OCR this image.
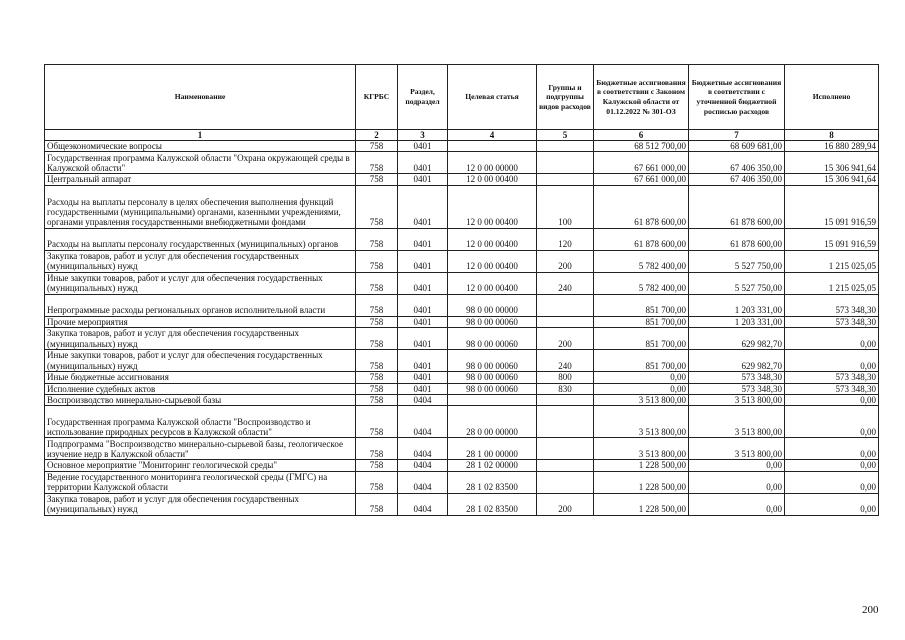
Наименование	КГРБС	Раздел, подраздел	Целевая статья	Группы и подгруппы видов расходов	Бюджетные ассигнования в соответствии с Законом Калужской области от 01.12.2022 № 301-ОЗ	Бюджетные ассигнования в соответствии с уточненной бюджетной росписью расходов	Исполнено
1	2	3	4	5	6	7	8
Общеэкономические вопросы	758	0401			68 512 700,00	68 609 681,00	16 880 289,94
Государственная программа Калужской области "Охрана окружающей среды в Калужской области"	758	0401	12 0 00 00000		67 661 000,00	67 406 350,00	15 306 941,64
Центральный аппарат	758	0401	12 0 00 00400		67 661 000,00	67 406 350,00	15 306 941,64
Расходы на выплаты персоналу в целях обеспечения выполнения функций государственными (муниципальными) органами, казенными учреждениями, органами управления государственными внебюджетными фондами	758	0401	12 0 00 00400	100	61 878 600,00	61 878 600,00	15 091 916,59
Расходы на выплаты персоналу государственных (муниципальных) органов	758	0401	12 0 00 00400	120	61 878 600,00	61 878 600,00	15 091 916,59
Закупка товаров, работ и услуг для обеспечения государственных (муниципальных) нужд	758	0401	12 0 00 00400	200	5 782 400,00	5 527 750,00	1 215 025,05
Иные закупки товаров, работ и услуг для обеспечения государственных (муниципальных) нужд	758	0401	12 0 00 00400	240	5 782 400,00	5 527 750,00	1 215 025,05
Непрограммные расходы региональных органов исполнительной власти	758	0401	98 0 00 00000		851 700,00	1 203 331,00	573 348,30
Прочие мероприятия	758	0401	98 0 00 00060		851 700,00	1 203 331,00	573 348,30
Закупка товаров, работ и услуг для обеспечения государственных (муниципальных) нужд	758	0401	98 0 00 00060	200	851 700,00	629 982,70	0,00
Иные закупки товаров, работ и услуг для обеспечения государственных (муниципальных) нужд	758	0401	98 0 00 00060	240	851 700,00	629 982,70	0,00
Иные бюджетные ассигнования	758	0401	98 0 00 00060	800	0,00	573 348,30	573 348,30
Исполнение судебных актов	758	0401	98 0 00 00060	830	0,00	573 348,30	573 348,30
Воспроизводство минерально-сырьевой базы	758	0404			3 513 800,00	3 513 800,00	0,00
Государственная программа Калужской области "Воспроизводство и использование природных ресурсов в Калужской области"	758	0404	28 0 00 00000		3 513 800,00	3 513 800,00	0,00
Подпрограмма "Воспроизводство минерально-сырьевой базы, геологическое изучение недр в Калужской области"	758	0404	28 1 00 00000		3 513 800,00	3 513 800,00	0,00
Основное мероприятие "Мониторинг геологической среды"	758	0404	28 1 02 00000		1 228 500,00	0,00	0,00
Ведение государственного мониторинга геологической среды (ГМГС) на территории Калужской области	758	0404	28 1 02 83500		1 228 500,00	0,00	0,00
Закупка товаров, работ и услуг для обеспечения государственных (муниципальных) нужд	758	0404	28 1 02 83500	200	1 228 500,00	0,00	0,00
200
